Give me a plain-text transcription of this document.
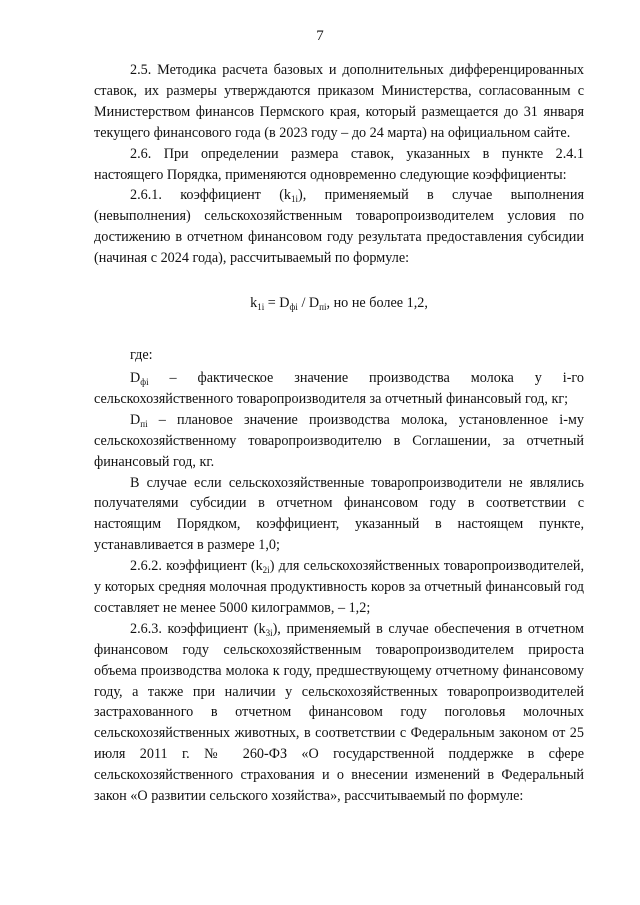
7

2.5. Методика расчета базовых и дополнительных дифференцированных ставок, их размеры утверждаются приказом Министерства, согласованным с Министерством финансов Пермского края, который размещается до 31 января текущего финансового года (в 2023 году – до 24 марта) на официальном сайте.

2.6. При определении размера ставок, указанных в пункте 2.4.1 настоящего Порядка, применяются одновременно следующие коэффициенты:

2.6.1. коэффициент $(k_{1i})$, применяемый в случае выполнения (невыполнения) сельскохозяйственным товаропроизводителем условия по достижению в отчетном финансовом году результата предоставления субсидии (начиная с 2024 года), рассчитываемый по формуле:

$k_{1i} = D_{фi} / D_{пi}$, но не более 1,2,

где:

$D_{фi}$ – фактическое значение производства молока у i-го сельскохозяйственного товаропроизводителя за отчетный финансовый год, кг;

$D_{пi}$ – плановое значение производства молока, установленное i-му сельскохозяйственному товаропроизводителю в Соглашении, за отчетный финансовый год, кг.

В случае если сельскохозяйственные товаропроизводители не являлись получателями субсидии в отчетном финансовом году в соответствии с настоящим Порядком, коэффициент, указанный в настоящем пункте, устанавливается в размере 1,0;

2.6.2. коэффициент $(k_{2i})$ для сельскохозяйственных товаропроизводителей, у которых средняя молочная продуктивность коров за отчетный финансовый год составляет не менее 5000 килограммов, – 1,2;

2.6.3. коэффициент $(k_{3i})$, применяемый в случае обеспечения в отчетном финансовом году сельскохозяйственным товаропроизводителем прироста объема производства молока к году, предшествующему отчетному финансовому году, а также при наличии у сельскохозяйственных товаропроизводителей застрахованного в отчетном финансовом году поголовья молочных сельскохозяйственных животных, в соответствии с Федеральным законом от 25 июля 2011 г. № 260-ФЗ «О государственной поддержке в сфере сельскохозяйственного страхования и о внесении изменений в Федеральный закон «О развитии сельского хозяйства», рассчитываемый по формуле:
